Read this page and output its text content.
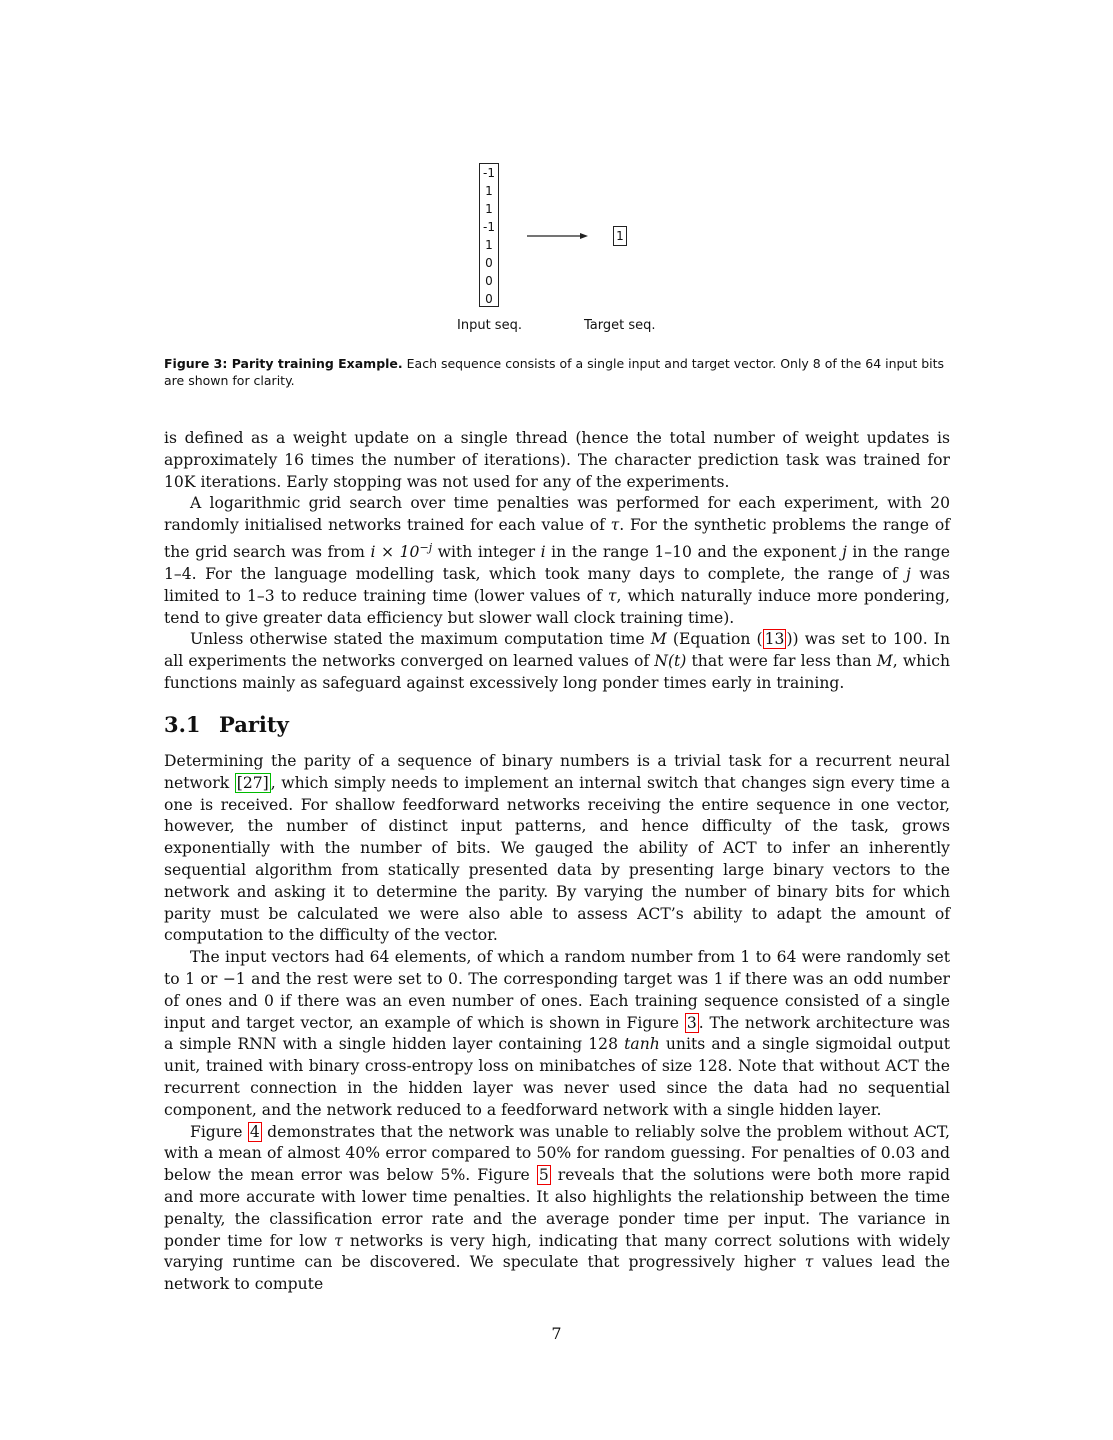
-1
1
1
-1
1
0
0
0
1
Input seq.	Target seq.
Figure 3: Parity training Example. Each sequence consists of a single input and target vector. Only 8 of the 64 input bits are shown for clarity.

is defined as a weight update on a single thread (hence the total number of weight updates is approximately 16 times the number of iterations). The character prediction task was trained for 10K iterations. Early stopping was not used for any of the experiments.

A logarithmic grid search over time penalties was performed for each experiment, with 20 randomly initialised networks trained for each value of τ. For the synthetic problems the range of the grid search was from $i \times 10^{-j}$ with integer i in the range 1–10 and the exponent j in the range 1–4. For the language modelling task, which took many days to complete, the range of j was limited to 1–3 to reduce training time (lower values of τ, which naturally induce more pondering, tend to give greater data efficiency but slower wall clock training time).

Unless otherwise stated the maximum computation time M (Equation ( 13 )) was set to 100. In all experiments the networks converged on learned values of N(t) that were far less than M, which functions mainly as safeguard against excessively long ponder times early in training.

3.1 Parity

Determining the parity of a sequence of binary numbers is a trivial task for a recurrent neural network [27] , which simply needs to implement an internal switch that changes sign every time a one is received. For shallow feedforward networks receiving the entire sequence in one vector, however, the number of distinct input patterns, and hence difficulty of the task, grows exponentially with the number of bits. We gauged the ability of ACT to infer an inherently sequential algorithm from statically presented data by presenting large binary vectors to the network and asking it to determine the parity. By varying the number of binary bits for which parity must be calculated we were also able to assess ACT’s ability to adapt the amount of computation to the difficulty of the vector.

The input vectors had 64 elements, of which a random number from 1 to 64 were randomly set to 1 or −1 and the rest were set to 0. The corresponding target was 1 if there was an odd number of ones and 0 if there was an even number of ones. Each training sequence consisted of a single input and target vector, an example of which is shown in Figure 3 . The network architecture was a simple RNN with a single hidden layer containing 128 tanh units and a single sigmoidal output unit, trained with binary cross-entropy loss on minibatches of size 128. Note that without ACT the recurrent connection in the hidden layer was never used since the data had no sequential component, and the network reduced to a feedforward network with a single hidden layer.

Figure 4 demonstrates that the network was unable to reliably solve the problem without ACT, with a mean of almost 40% error compared to 50% for random guessing. For penalties of 0.03 and below the mean error was below 5%. Figure 5 reveals that the solutions were both more rapid and more accurate with lower time penalties. It also highlights the relationship between the time penalty, the classification error rate and the average ponder time per input. The variance in ponder time for low τ networks is very high, indicating that many correct solutions with widely varying runtime can be discovered. We speculate that progressively higher τ values lead the network to compute

7
